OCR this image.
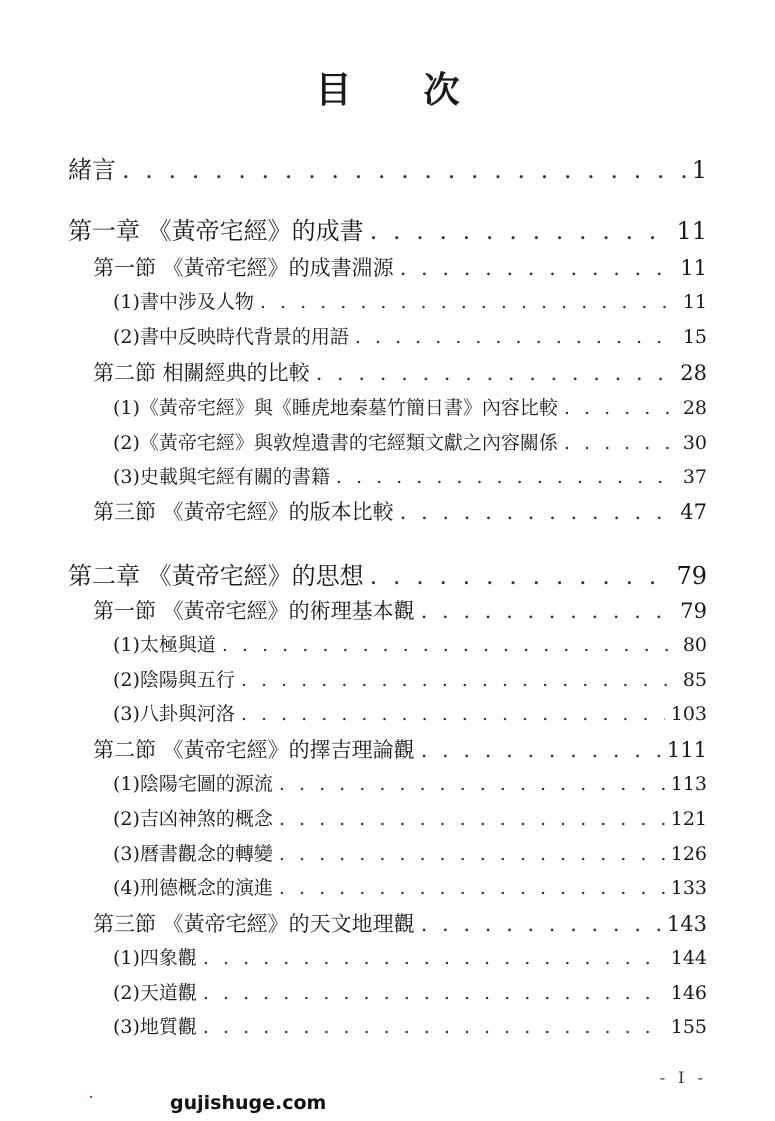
目 次
緒言 . . .	1
第一章 《黃帝宅經》的成書 . . .	11
第一節 《黃帝宅經》的成書淵源 . . .	11
(1)書中涉及人物 . . .	11
(2)書中反映時代背景的用語 . . .	15
第二節 相關經典的比較 . . .	28
(1)《黃帝宅經》與《睡虎地秦墓竹簡日書》內容比較 . . .	28
(2)《黃帝宅經》與敦煌遺書的宅經類文獻之內容關係 . . .	30
(3)史載與宅經有關的書籍 . . .	37
第三節 《黃帝宅經》的版本比較 . . .	47
第二章 《黃帝宅經》的思想 . . .	79
第一節 《黃帝宅經》的術理基本觀 . . .	79
(1)太極與道 . . .	80
(2)陰陽與五行 . . .	85
(3)八卦與河洛 . . .	103
第二節 《黃帝宅經》的擇吉理論觀 . . .	111
(1)陰陽宅圖的源流 . . .	113
(2)吉凶神煞的概念 . . .	121
(3)曆書觀念的轉變 . . .	126
(4)刑德概念的演進 . . .	133
第三節 《黃帝宅經》的天文地理觀 . . .	143
(1)四象觀 . . .	144
(2)天道觀 . . .	146
(3)地質觀 . . .	155
- I -
gujishuge.com
